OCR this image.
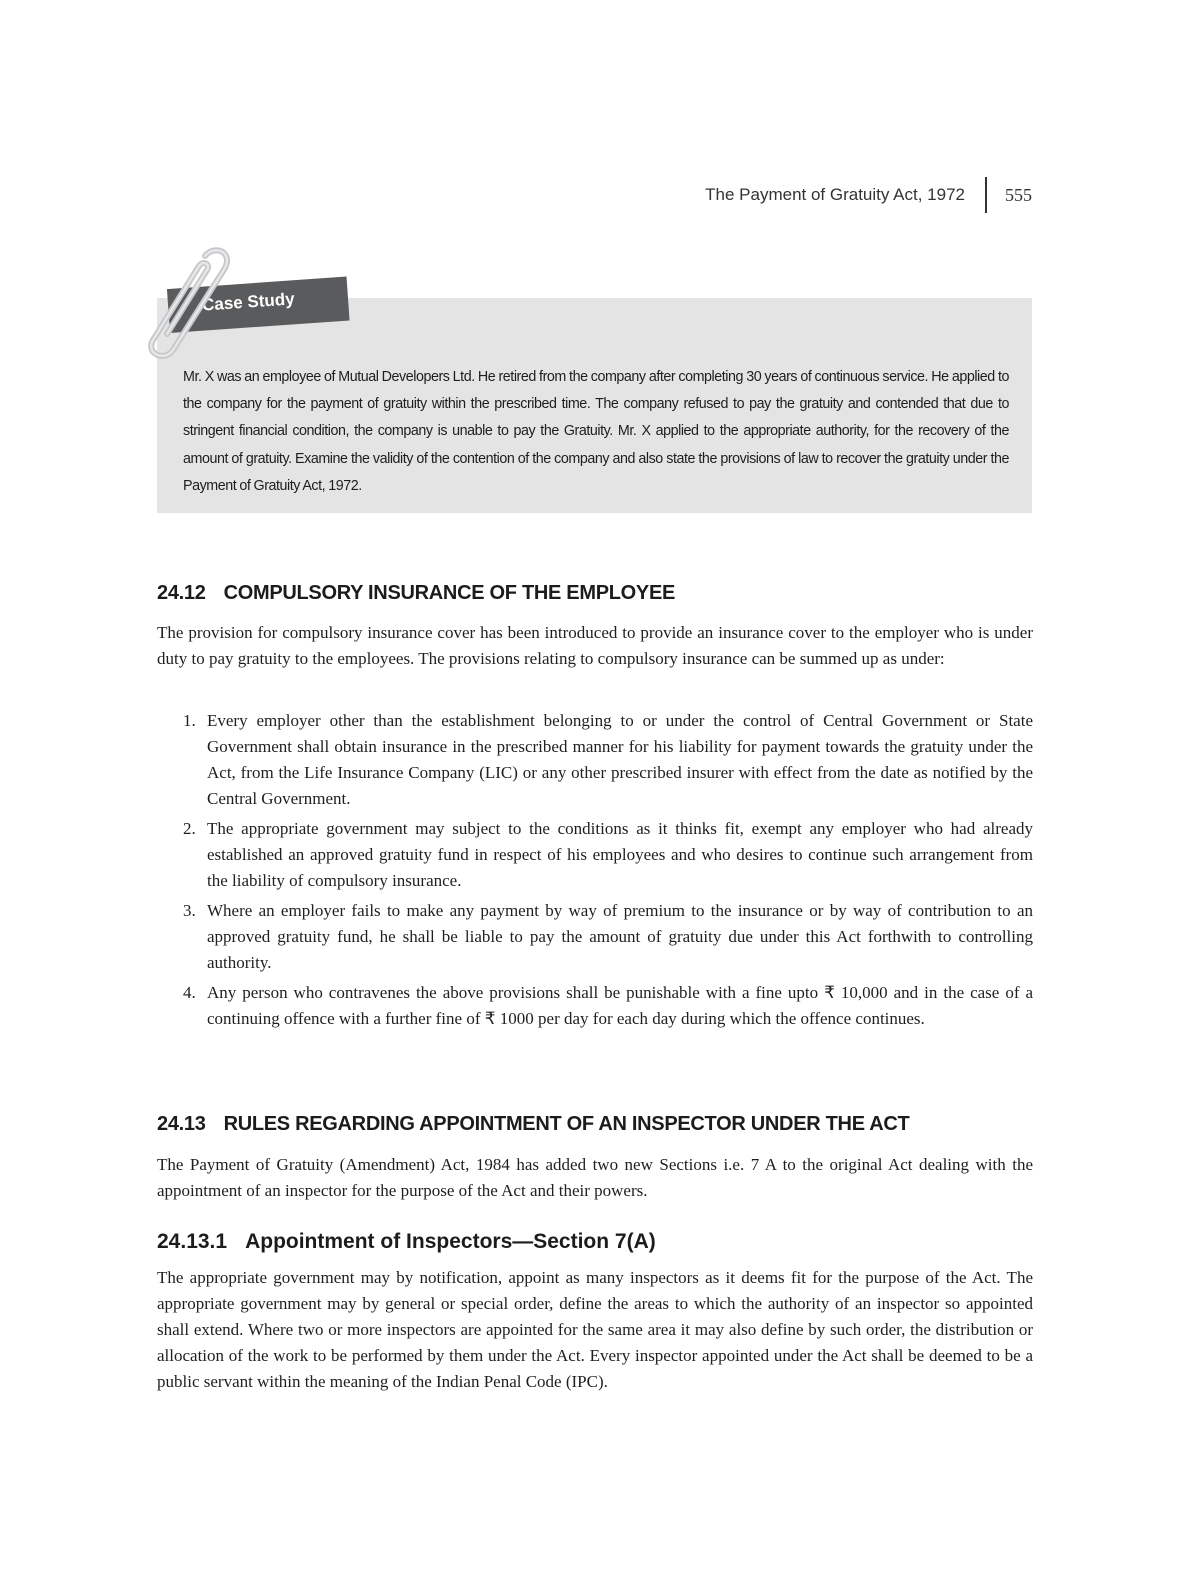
The Payment of Gratuity Act, 1972 555

Mr. X was an employee of Mutual Developers Ltd. He retired from the company after completing 30 years of continuous service. He applied to the company for the payment of gratuity within the prescribed time. The company refused to pay the gratuity and contended that due to stringent financial condition, the company is unable to pay the Gratuity. Mr. X applied to the appropriate authority, for the recovery of the amount of gratuity. Examine the validity of the contention of the company and also state the provisions of law to recover the gratuity under the Payment of Gratuity Act, 1972.

Case Study
24.12 COMPULSORY INSURANCE OF THE EMPLOYEE

The provision for compulsory insurance cover has been introduced to provide an insurance cover to the employer who is under duty to pay gratuity to the employees. The provisions relating to compulsory insurance can be summed up as under:

1. Every employer other than the establishment belonging to or under the control of Central Government or State Government shall obtain insurance in the prescribed manner for his liability for payment towards the gratuity under the Act, from the Life Insurance Company (LIC) or any other prescribed insurer with effect from the date as notified by the Central Government.
2. The appropriate government may subject to the conditions as it thinks fit, exempt any employer who had already established an approved gratuity fund in respect of his employees and who desires to continue such arrangement from the liability of compulsory insurance.
3. Where an employer fails to make any payment by way of premium to the insurance or by way of contribution to an approved gratuity fund, he shall be liable to pay the amount of gratuity due under this Act forthwith to controlling authority.
4. Any person who contravenes the above provisions shall be punishable with a fine upto ₹ 10,000 and in the case of a continuing offence with a further fine of ₹ 1000 per day for each day during which the offence continues.
24.13 RULES REGARDING APPOINTMENT OF AN INSPECTOR UNDER THE ACT

The Payment of Gratuity (Amendment) Act, 1984 has added two new Sections i.e. 7 A to the original Act dealing with the appointment of an inspector for the purpose of the Act and their powers.

24.13.1 Appointment of Inspectors—Section 7(A)

The appropriate government may by notification, appoint as many inspectors as it deems fit for the purpose of the Act. The appropriate government may by general or special order, define the areas to which the authority of an inspector so appointed shall extend. Where two or more inspectors are appointed for the same area it may also define by such order, the distribution or allocation of the work to be performed by them under the Act. Every inspector appointed under the Act shall be deemed to be a public servant within the meaning of the Indian Penal Code (IPC).
